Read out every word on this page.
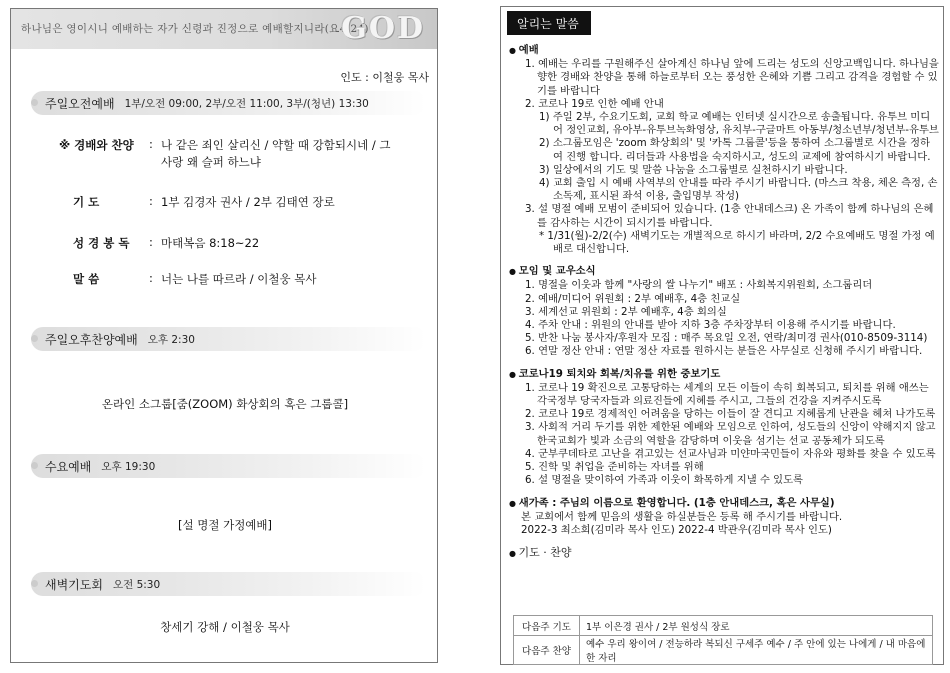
하나님은 영이시니 예배하는 자가 신령과 진정으로 예배할지니라(요4:24)
GOD
인도 : 이철웅 목사
주일오전예배 1부/오전 09:00, 2부/오전 11:00, 3부/(청년) 13:30
※ 경배와 찬양	: 나 같은 죄인 살리신 / 약할 때 강함되시네 / 그 사랑 왜 슬퍼 하느냐
기 도	: 1부 김경자 권사 / 2부 김태연 장로
성 경 봉 독	: 마태복음 8:18~22
말 씀	: 너는 나를 따르라 / 이철웅 목사
주일오후찬양예배 오후 2:30
온라인 소그룹[줌(ZOOM) 화상회의 혹은 그룹콜]
수요예배 오후 19:30
[설 명절 가정예배]
새벽기도회 오전 5:30
창세기 강해 / 이철웅 목사
알리는 말씀
● 예배
1. 예배는 우리를 구원해주신 살아계신 하나님 앞에 드리는 성도의 신앙고백입니다. 하나님을 향한 경배와 찬양을 통해 하늘로부터 오는 풍성한 은혜와 기쁨 그리고 감격을 경험할 수 있기를 바랍니다
2. 코로나 19로 인한 예배 안내
1) 주일 2부, 수요기도회, 교회 학교 예배는 인터넷 실시간으로 송출됩니다. 유투브 미디어 정인교회, 유아부-유투브녹화영상, 유치부-구글마트 아동부/청소년부/청년부-유투브
2) 소그룹모임은 'zoom 화상회의' 및 '카톡 그룹콜'등을 통하여 소그룹별로 시간을 정하여 진행 합니다. 리더들과 사용법을 숙지하시고, 성도의 교제에 참여하시기 바랍니다.
3) 일상에서의 기도 및 말씀 나눔을 소그룹별로 실천하시기 바랍니다.
4) 교회 출입 시 예배 사역부의 안내를 따라 주시기 바랍니다. (마스크 착용, 체온 측정, 손 소독제, 표시된 좌석 이용, 출입명부 작성)
3. 설 명절 예배 모범이 준비되어 있습니다. (1층 안내데스크) 온 가족이 함께 하나님의 은혜를 감사하는 시간이 되시기를 바랍니다.
* 1/31(월)-2/2(수) 새벽기도는 개별적으로 하시기 바라며, 2/2 수요예배도 명절 가정 예배로 대신합니다.
● 모임 및 교우소식
1. 명절을 이웃과 함께 "사랑의 쌀 나누기" 배포 : 사회복지위원회, 소그룹리더
2. 예배/미디어 위원회 : 2부 예배후, 4층 친교실
3. 세계선교 위원회 : 2부 예배후, 4층 회의실
4. 주차 안내 : 위원의 안내를 받아 지하 3층 주차장부터 이용해 주시기를 바랍니다.
5. 반찬 나눔 봉사자/후원자 모집 : 매주 목요일 오전, 연락/최미경 권사(010-8509-3114)
6. 연말 정산 안내 : 연말 정산 자료를 원하시는 분들은 사무실로 신청해 주시기 바랍니다.
● 코로나19 퇴치와 회복/치유를 위한 중보기도
1. 코로나 19 확진으로 고통당하는 세계의 모든 이들이 속히 회복되고, 퇴치를 위해 애쓰는 각국정부 당국자들과 의료진들에 지혜를 주시고, 그들의 건강을 지켜주시도록
2. 코로나 19로 경제적인 어려움을 당하는 이들이 잘 견디고 지혜롭게 난관을 헤쳐 나가도록
3. 사회적 거리 두기를 위한 제한된 예배와 모임으로 인하여, 성도들의 신앙이 약해지지 않고 한국교회가 빛과 소금의 역할을 감당하며 이웃을 섬기는 선교 공동체가 되도록
4. 군부쿠데타로 고난을 겪고있는 선교사님과 미얀마국민들이 자유와 평화를 찾을 수 있도록
5. 진학 및 취업을 준비하는 자녀를 위해
6. 설 명절을 맞이하여 가족과 이웃이 화목하게 지낼 수 있도록
● 새가족 : 주님의 이름으로 환영합니다. (1층 안내데스크, 혹은 사무실)
본 교회에서 함께 믿음의 생활을 하실분들은 등록 해 주시기를 바랍니다.
2022-3 최소희(김미라 목사 인도) 2022-4 박관우(김미라 목사 인도)
● 기도 · 찬양
다음주 기도	1부 이은경 권사 / 2부 원성식 장로
다음주 찬양	예수 우리 왕이여 / 전능하라 복되신 구세주 예수 / 주 안에 있는 나에게 / 내 마음에 한 자리
